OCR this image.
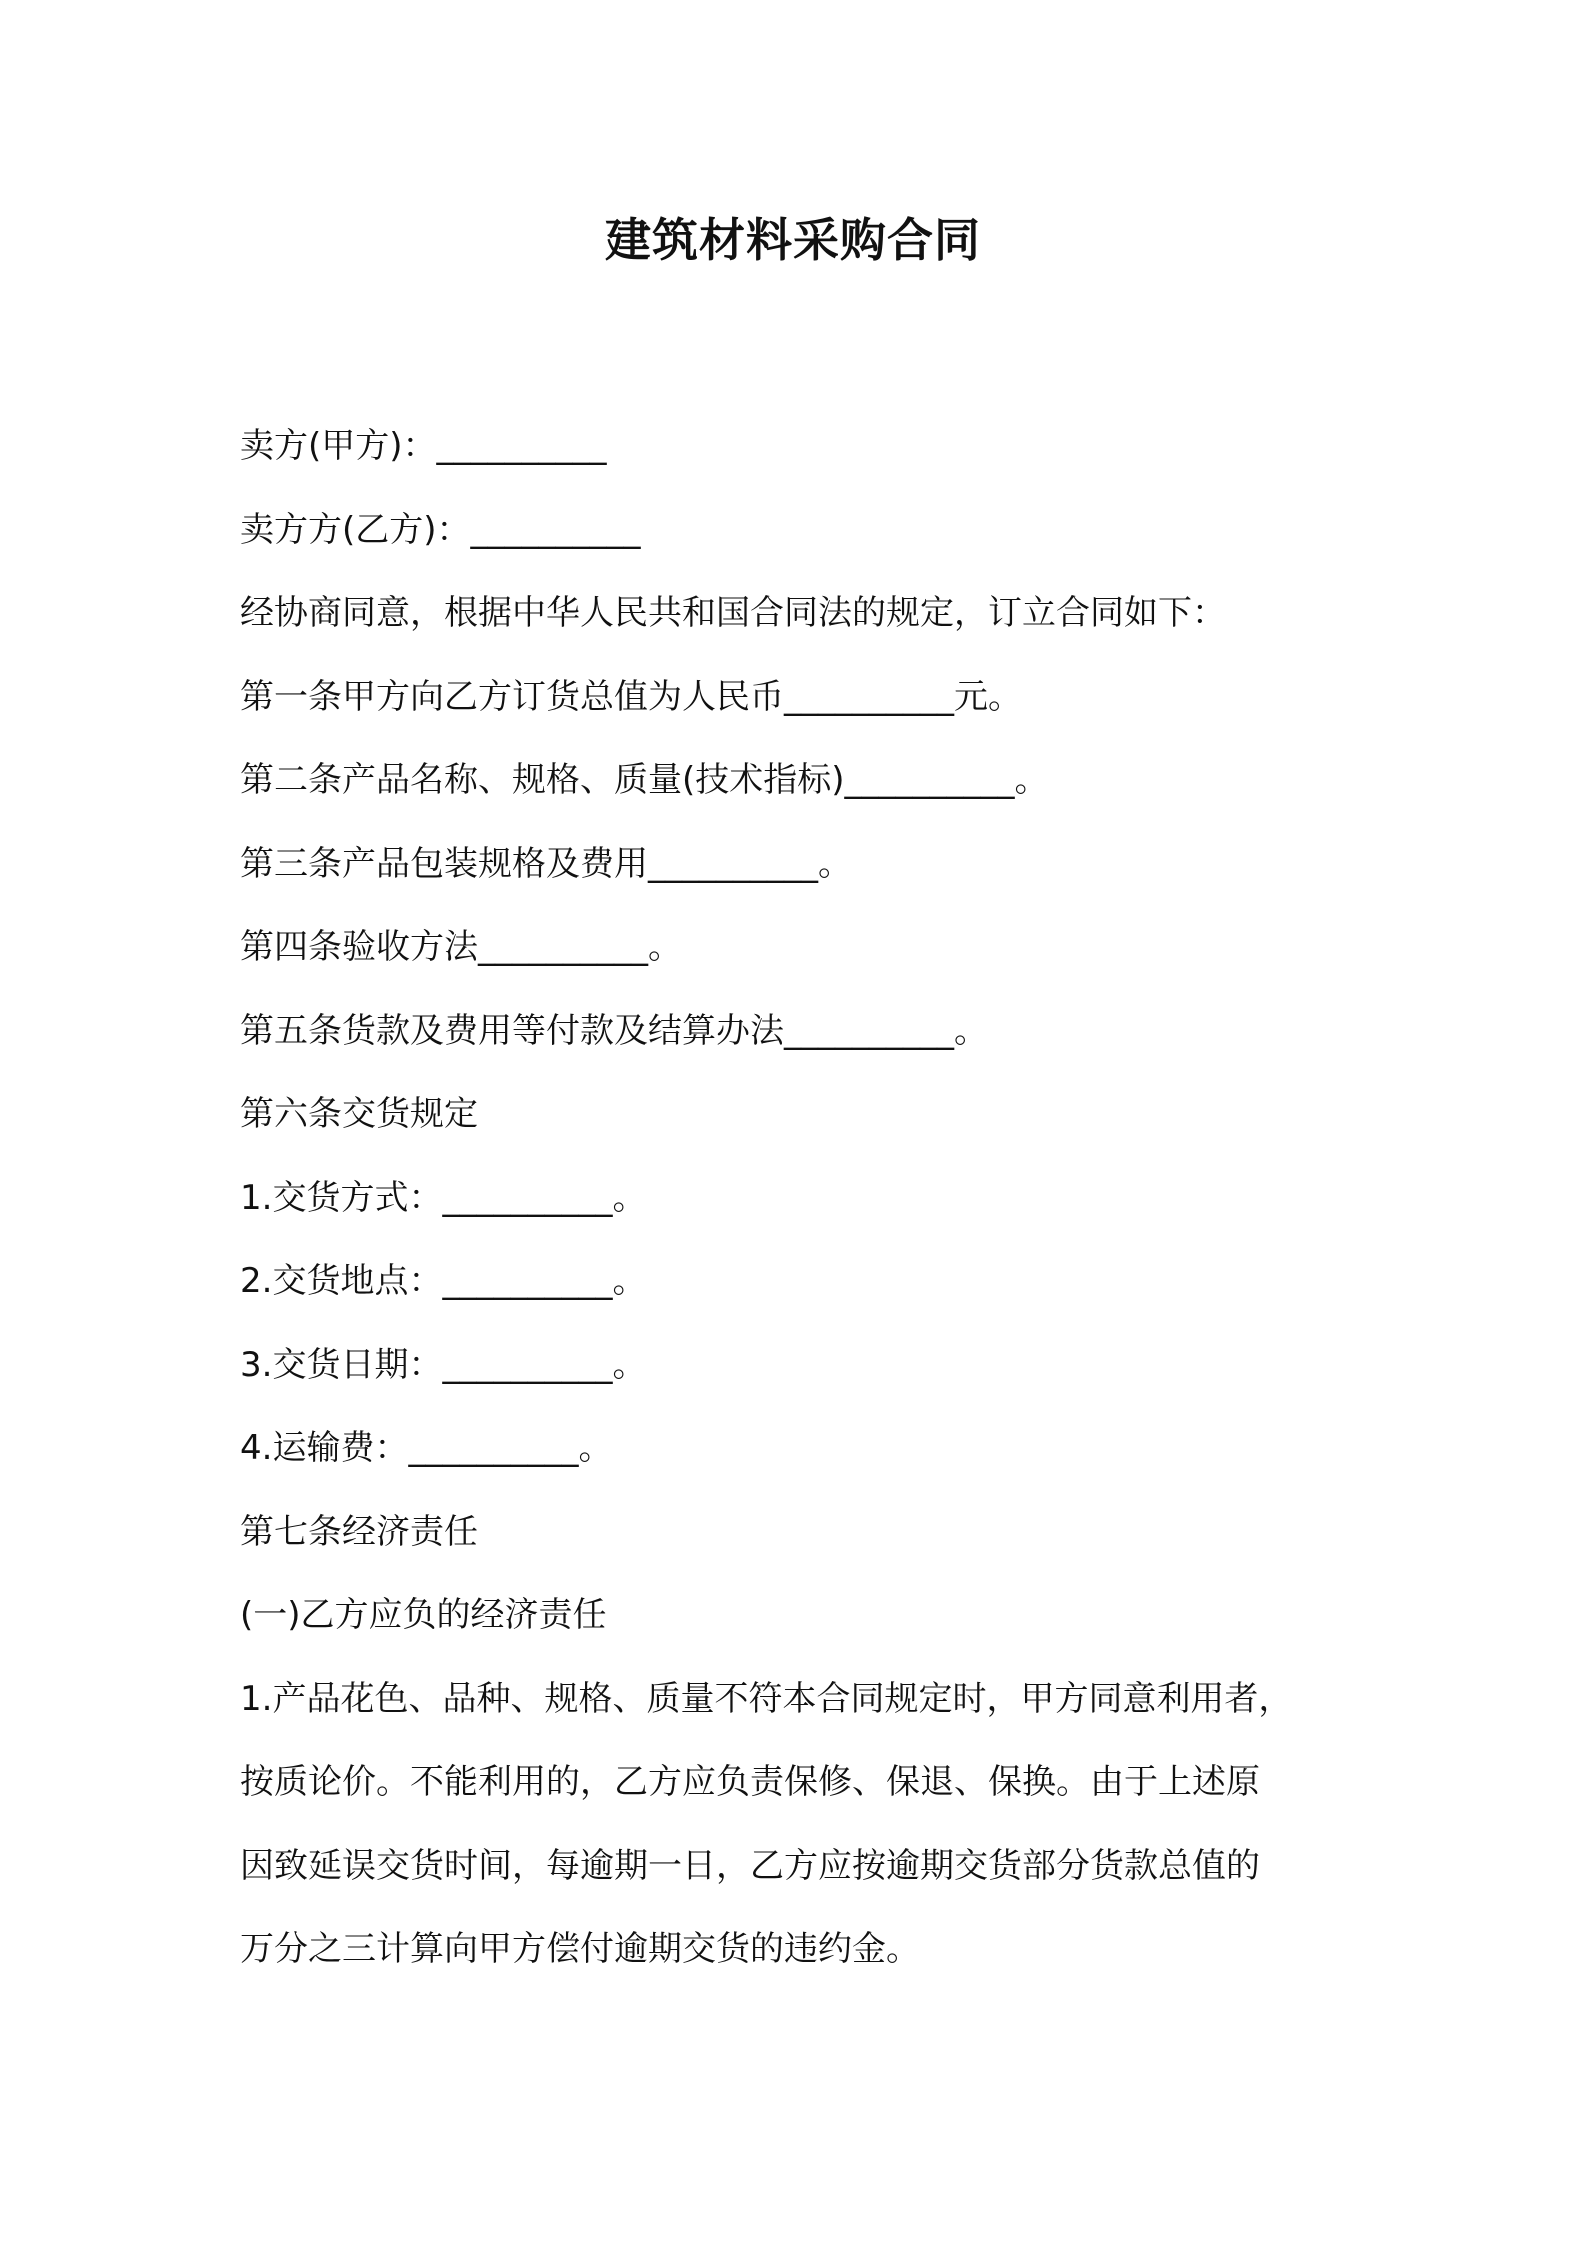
建筑材料采购合同
卖方(甲方)：__________
卖方方(乙方)：__________
经协商同意，根据中华人民共和国合同法的规定，订立合同如下：
第一条甲方向乙方订货总值为人民币__________元。
第二条产品名称、规格、质量(技术指标)__________。
第三条产品包装规格及费用__________。
第四条验收方法__________。
第五条货款及费用等付款及结算办法__________。
第六条交货规定
1.交货方式：__________。
2.交货地点：__________。
3.交货日期：__________。
4.运输费：__________。
第七条经济责任
(一)乙方应负的经济责任
1.产品花色、品种、规格、质量不符本合同规定时，甲方同意利用者，
按质论价。不能利用的，乙方应负责保修、保退、保换。由于上述原
因致延误交货时间，每逾期一日，乙方应按逾期交货部分货款总值的
万分之三计算向甲方偿付逾期交货的违约金。
